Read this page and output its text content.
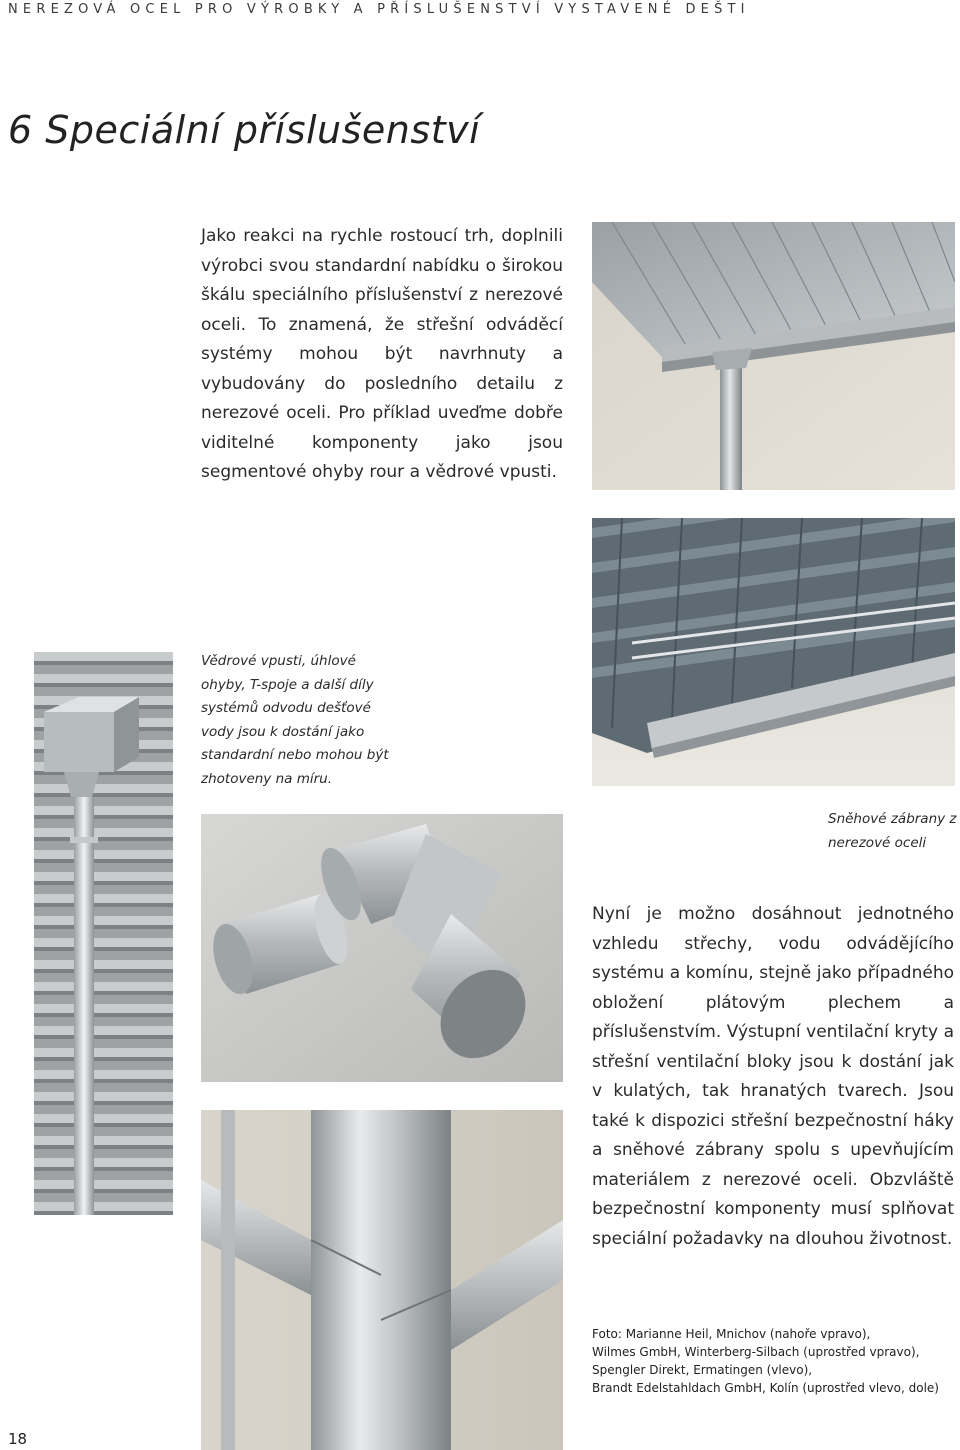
NEREZOVÁ OCEL PRO VÝROBKY A PŘÍSLUŠENSTVÍ VYSTAVENÉ DEŠTI
6 Speciální příslušenství
Jako reakci na rychle rostoucí trh, doplnili výrobci svou standardní nabídku o širokou škálu speciálního příslušenství z nerezové oceli. To znamená, že střešní odváděcí systémy mohou být navrhnuty a vybudovány do posledního detailu z nerezové oceli. Pro příklad uveďme dobře viditelné komponenty jako jsou segmentové ohyby rour a vědrové vpusti.
Vědrové vpusti, úhlové ohyby, T-spoje a další díly systémů odvodu dešťové vody jsou k dostání jako standardní nebo mohou být zhotoveny na míru.
Sněhové zábrany z nerezové oceli
Nyní je možno dosáhnout jednotného vzhledu střechy, vodu odvádějícího systému a komínu, stejně jako případného obložení plátovým plechem a příslušenstvím. Výstupní ventilační kryty a střešní ventilační bloky jsou k dostání jak v kulatých, tak hranatých tvarech. Jsou také k dispozici střešní bezpečnostní háky a sněhové zábrany spolu s upevňujícím materiálem z nerezové oceli. Obzvláště bezpečnostní komponenty musí splňovat speciální požadavky na dlouhou životnost.
Foto: Marianne Heil, Mnichov (nahoře vpravo),
Wilmes GmbH, Winterberg-Silbach (uprostřed vpravo),
Spengler Direkt, Ermatingen (vlevo),
Brandt Edelstahldach GmbH, Kolín (uprostřed vlevo, dole)
18
